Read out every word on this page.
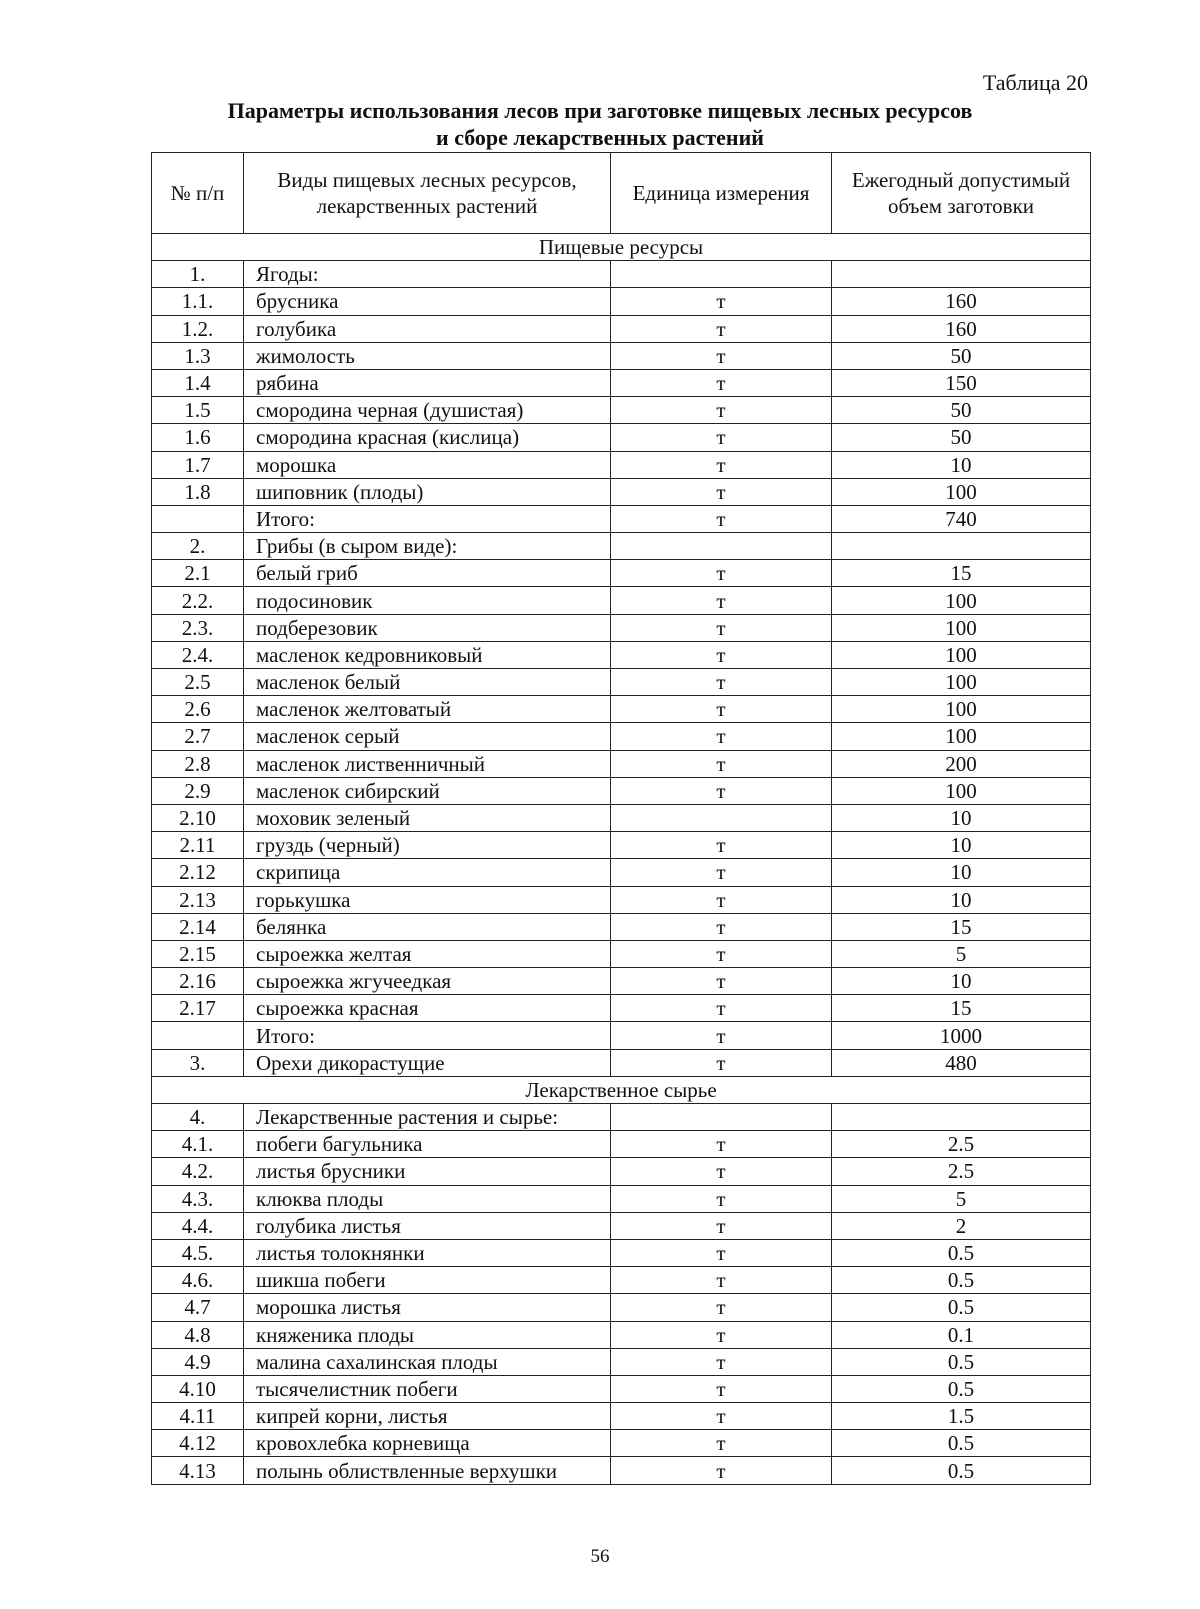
Таблица 20
Параметры использования лесов при заготовке пищевых лесных ресурсов
и сборе лекарственных растений
№ п/п	Виды пищевых лесных ресурсов, лекарственных растений	Единица измерения	Ежегодный допустимый объем заготовки
Пищевые ресурсы			
1.	Ягоды:		
1.1.	брусника	т	160
1.2.	голубика	т	160
1.3	жимолость	т	50
1.4	рябина	т	150
1.5	смородина черная (душистая)	т	50
1.6	смородина красная (кислица)	т	50
1.7	морошка	т	10
1.8	шиповник (плоды)	т	100
	Итого:	т	740
2.	Грибы (в сыром виде):		
2.1	белый гриб	т	15
2.2.	подосиновик	т	100
2.3.	подберезовик	т	100
2.4.	масленок кедровниковый	т	100
2.5	масленок белый	т	100
2.6	масленок желтоватый	т	100
2.7	масленок серый	т	100
2.8	масленок лиственничный	т	200
2.9	масленок сибирский	т	100
2.10	моховик зеленый		10
2.11	груздь (черный)	т	10
2.12	скрипица	т	10
2.13	горькушка	т	10
2.14	белянка	т	15
2.15	сыроежка желтая	т	5
2.16	сыроежка жгучеедкая	т	10
2.17	сыроежка красная	т	15
	Итого:	т	1000
3.	Орехи дикорастущие	т	480
Лекарственное сырье			
4.	Лекарственные растения и сырье:		
4.1.	побеги багульника	т	2.5
4.2.	листья брусники	т	2.5
4.3.	клюква плоды	т	5
4.4.	голубика листья	т	2
4.5.	листья толокнянки	т	0.5
4.6.	шикша побеги	т	0.5
4.7	морошка листья	т	0.5
4.8	княженика плоды	т	0.1
4.9	малина сахалинская плоды	т	0.5
4.10	тысячелистник побеги	т	0.5
4.11	кипрей корни, листья	т	1.5
4.12	кровохлебка корневища	т	0.5
4.13	полынь облиствленные верхушки	т	0.5
56
